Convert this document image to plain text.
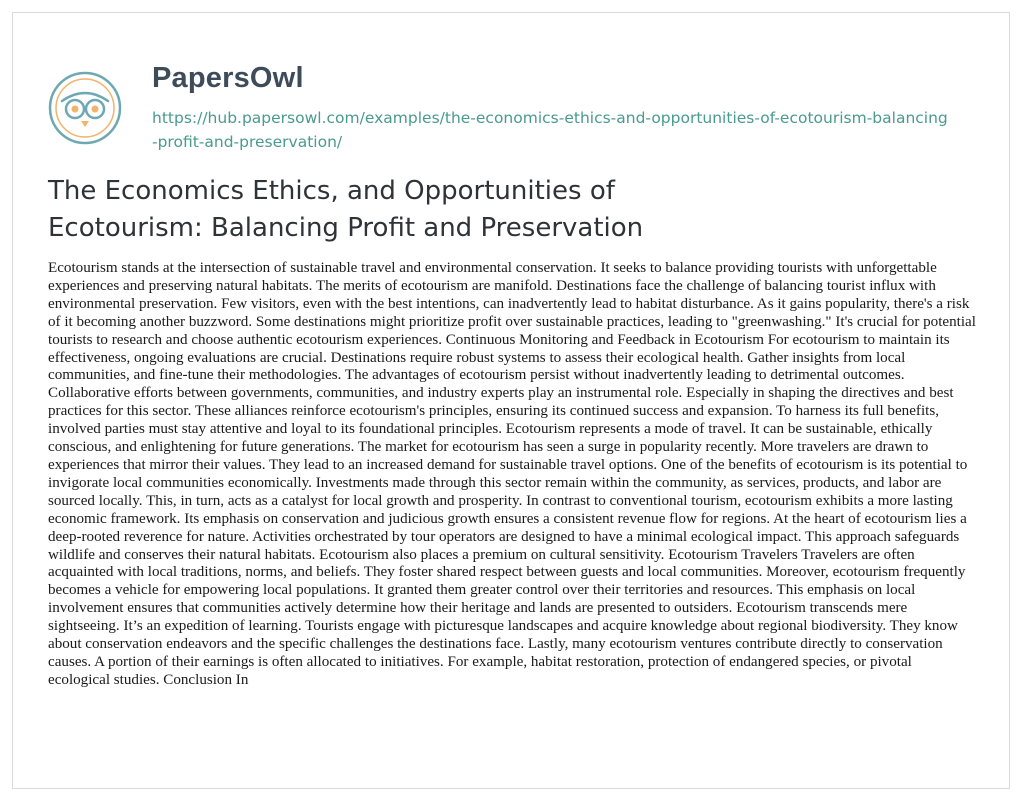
PapersOwl
https://hub.papersowl.com/examples/the-economics-ethics-and-opportunities-of-ecotourism-balancing-profit-and-preservation/
The Economics Ethics, and Opportunities of Ecotourism: Balancing Profit and Preservation

Ecotourism stands at the intersection of sustainable travel and environmental conservation. It seeks to balance providing tourists with unforgettable experiences and preserving natural habitats. The merits of ecotourism are manifold. Destinations face the challenge of balancing tourist influx with environmental preservation. Few visitors, even with the best intentions, can inadvertently lead to habitat disturbance. As it gains popularity, there's a risk of it becoming another buzzword. Some destinations might prioritize profit over sustainable practices, leading to "greenwashing." It's crucial for potential tourists to research and choose authentic ecotourism experiences. Continuous Monitoring and Feedback in Ecotourism For ecotourism to maintain its effectiveness, ongoing evaluations are crucial. Destinations require robust systems to assess their ecological health. Gather insights from local communities, and fine-tune their methodologies. The advantages of ecotourism persist without inadvertently leading to detrimental outcomes. Collaborative efforts between governments, communities, and industry experts play an instrumental role. Especially in shaping the directives and best practices for this sector. These alliances reinforce ecotourism's principles, ensuring its continued success and expansion. To harness its full benefits, involved parties must stay attentive and loyal to its foundational principles. Ecotourism represents a mode of travel. It can be sustainable, ethically conscious, and enlightening for future generations. The market for ecotourism has seen a surge in popularity recently. More travelers are drawn to experiences that mirror their values. They lead to an increased demand for sustainable travel options. One of the benefits of ecotourism is its potential to invigorate local communities economically. Investments made through this sector remain within the community, as services, products, and labor are sourced locally. This, in turn, acts as a catalyst for local growth and prosperity. In contrast to conventional tourism, ecotourism exhibits a more lasting economic framework. Its emphasis on conservation and judicious growth ensures a consistent revenue flow for regions. At the heart of ecotourism lies a deep-rooted reverence for nature. Activities orchestrated by tour operators are designed to have a minimal ecological impact. This approach safeguards wildlife and conserves their natural habitats. Ecotourism also places a premium on cultural sensitivity. Ecotourism Travelers Travelers are often acquainted with local traditions, norms, and beliefs. They foster shared respect between guests and local communities. Moreover, ecotourism frequently becomes a vehicle for empowering local populations. It granted them greater control over their territories and resources. This emphasis on local involvement ensures that communities actively determine how their heritage and lands are presented to outsiders. Ecotourism transcends mere sightseeing. It’s an expedition of learning. Tourists engage with picturesque landscapes and acquire knowledge about regional biodiversity. They know about conservation endeavors and the specific challenges the destinations face. Lastly, many ecotourism ventures contribute directly to conservation causes. A portion of their earnings is often allocated to initiatives. For example, habitat restoration, protection of endangered species, or pivotal ecological studies. Conclusion In
